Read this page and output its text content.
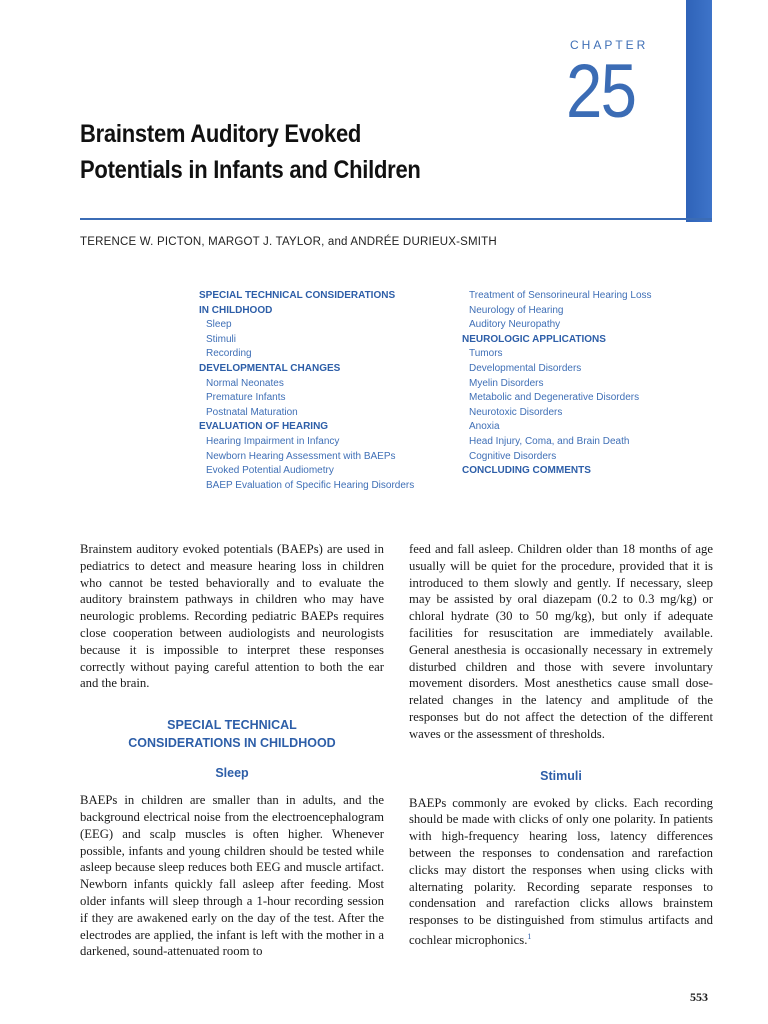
CHAPTER
25
Brainstem Auditory Evoked
Potentials in Infants and Children
TERENCE W. PICTON, MARGOT J. TAYLOR, and ANDRÉE DURIEUX-SMITH
SPECIAL TECHNICAL CONSIDERATIONS
IN CHILDHOOD
Sleep
Stimuli
Recording
DEVELOPMENTAL CHANGES
Normal Neonates
Premature Infants
Postnatal Maturation
EVALUATION OF HEARING
Hearing Impairment in Infancy
Newborn Hearing Assessment with BAEPs
Evoked Potential Audiometry
BAEP Evaluation of Specific Hearing Disorders
Treatment of Sensorineural Hearing Loss
Neurology of Hearing
Auditory Neuropathy
NEUROLOGIC APPLICATIONS
Tumors
Developmental Disorders
Myelin Disorders
Metabolic and Degenerative Disorders
Neurotoxic Disorders
Anoxia
Head Injury, Coma, and Brain Death
Cognitive Disorders
CONCLUDING COMMENTS

Brainstem auditory evoked potentials (BAEPs) are used in pediatrics to detect and measure hearing loss in children who cannot be tested behaviorally and to evaluate the auditory brainstem pathways in children who may have neurologic problems. Recording pediatric BAEPs requires close cooperation between audiologists and neurologists because it is impossible to interpret these responses correctly without paying careful attention to both the ear and the brain.

SPECIAL TECHNICAL
CONSIDERATIONS IN CHILDHOOD
Sleep

BAEPs in children are smaller than in adults, and the background electrical noise from the electroencephalogram (EEG) and scalp muscles is often higher. Whenever possible, infants and young children should be tested while asleep because sleep reduces both EEG and muscle artifact. Newborn infants quickly fall asleep after feeding. Most older infants will sleep through a 1-hour recording session if they are awakened early on the day of the test. After the electrodes are applied, the infant is left with the mother in a darkened, sound-attenuated room to

feed and fall asleep. Children older than 18 months of age usually will be quiet for the procedure, provided that it is introduced to them slowly and gently. If necessary, sleep may be assisted by oral diazepam (0.2 to 0.3 mg/kg) or chloral hydrate (30 to 50 mg/kg), but only if adequate facilities for resuscitation are immediately available. General anesthesia is occasionally necessary in extremely disturbed children and those with severe involuntary movement disorders. Most anesthetics cause small dose-related changes in the latency and amplitude of the responses but do not affect the detection of the different waves or the assessment of thresholds.

Stimuli

BAEPs commonly are evoked by clicks. Each recording should be made with clicks of only one polarity. In patients with high-frequency hearing loss, latency differences between the responses to condensation and rarefaction clicks may distort the responses when using clicks with alternating polarity. Recording separate responses to condensation and rarefaction clicks allows brainstem responses to be distinguished from stimulus artifacts and cochlear microphonics.$^1$

553
